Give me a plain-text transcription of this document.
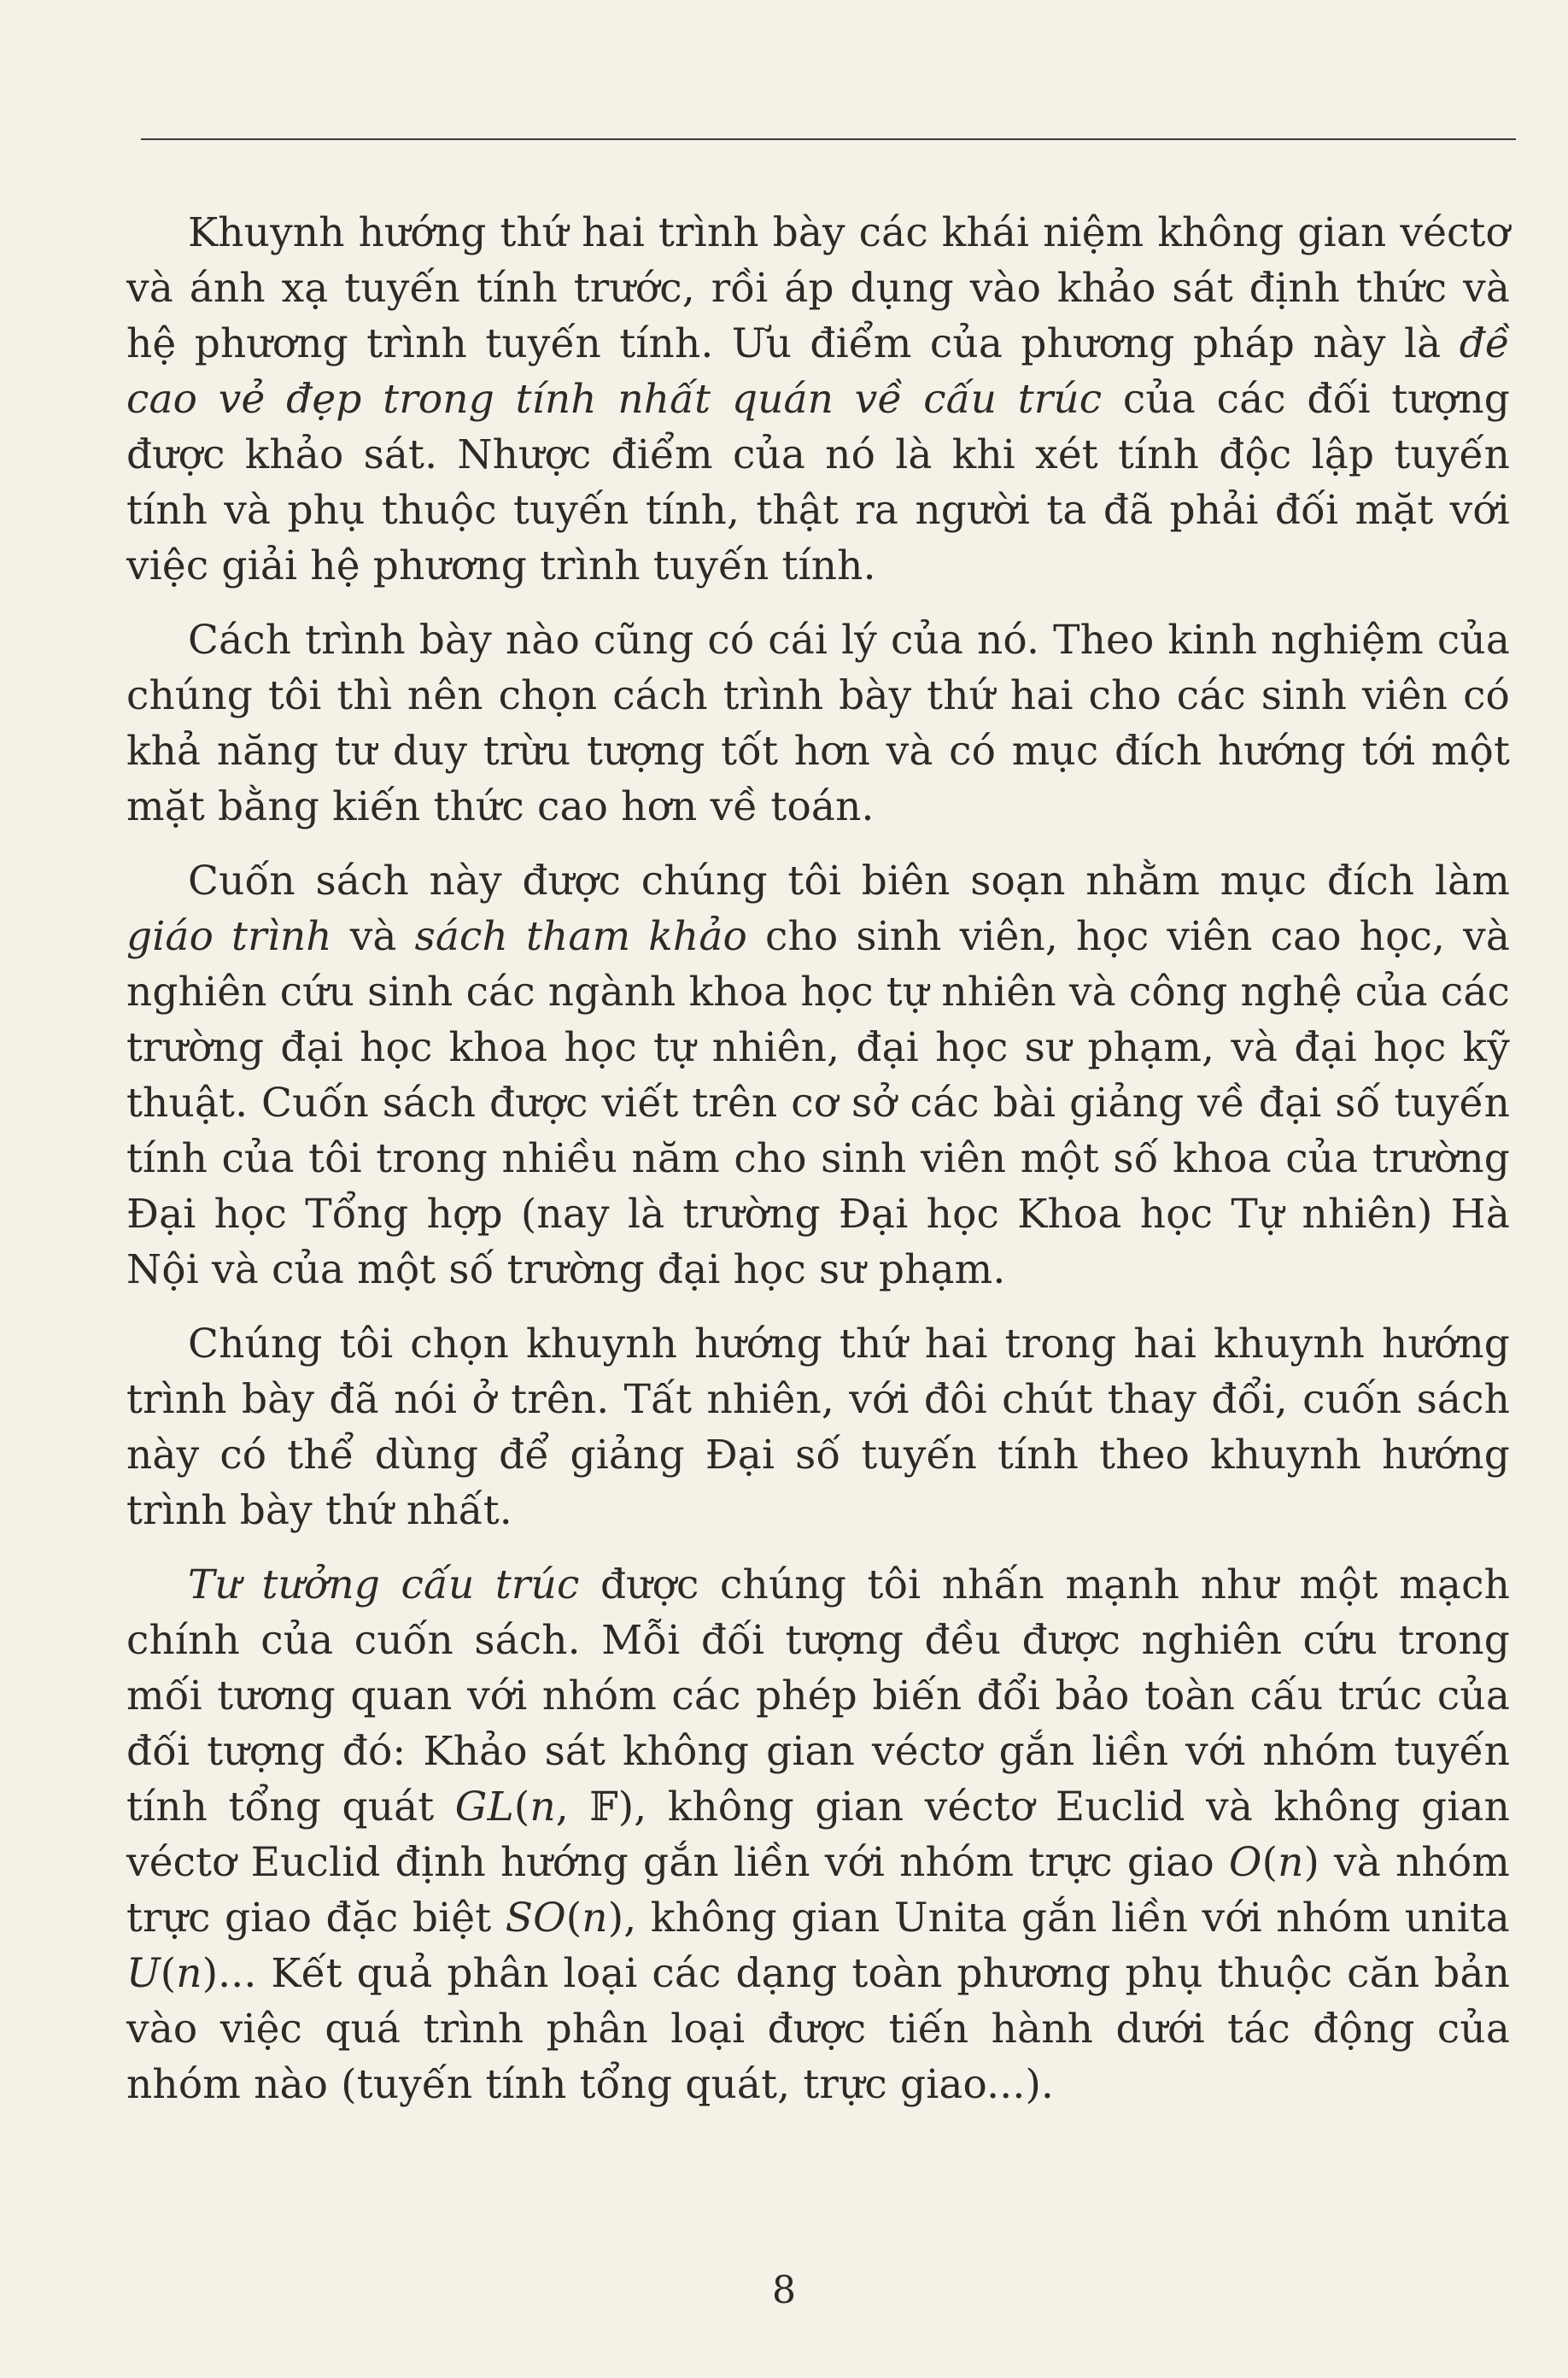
Khuynh hướng thứ hai trình bày các khái niệm không gian véctơ và ánh xạ tuyến tính trước, rồi áp dụng vào khảo sát định thức và hệ phương trình tuyến tính. Ưu điểm của phương pháp này là đề cao vẻ đẹp trong tính nhất quán về cấu trúc của các đối tượng được khảo sát. Nhược điểm của nó là khi xét tính độc lập tuyến tính và phụ thuộc tuyến tính, thật ra người ta đã phải đối mặt với việc giải hệ phương trình tuyến tính.

Cách trình bày nào cũng có cái lý của nó. Theo kinh nghiệm của chúng tôi thì nên chọn cách trình bày thứ hai cho các sinh viên có khả năng tư duy trừu tượng tốt hơn và có mục đích hướng tới một mặt bằng kiến thức cao hơn về toán.

Cuốn sách này được chúng tôi biên soạn nhằm mục đích làm giáo trình và sách tham khảo cho sinh viên, học viên cao học, và nghiên cứu sinh các ngành khoa học tự nhiên và công nghệ của các trường đại học khoa học tự nhiên, đại học sư phạm, và đại học kỹ thuật. Cuốn sách được viết trên cơ sở các bài giảng về đại số tuyến tính của tôi trong nhiều năm cho sinh viên một số khoa của trường Đại học Tổng hợp (nay là trường Đại học Khoa học Tự nhiên) Hà Nội và của một số trường đại học sư phạm.

Chúng tôi chọn khuynh hướng thứ hai trong hai khuynh hướng trình bày đã nói ở trên. Tất nhiên, với đôi chút thay đổi, cuốn sách này có thể dùng để giảng Đại số tuyến tính theo khuynh hướng trình bày thứ nhất.

Tư tưởng cấu trúc được chúng tôi nhấn mạnh như một mạch chính của cuốn sách. Mỗi đối tượng đều được nghiên cứu trong mối tương quan với nhóm các phép biến đổi bảo toàn cấu trúc của đối tượng đó: Khảo sát không gian véctơ gắn liền với nhóm tuyến tính tổng quát GL(n, 𝔽), không gian véctơ Euclid và không gian véctơ Euclid định hướng gắn liền với nhóm trực giao O(n) và nhóm trực giao đặc biệt SO(n), không gian Unita gắn liền với nhóm unita U(n)... Kết quả phân loại các dạng toàn phương phụ thuộc căn bản vào việc quá trình phân loại được tiến hành dưới tác động của nhóm nào (tuyến tính tổng quát, trực giao...).

8
